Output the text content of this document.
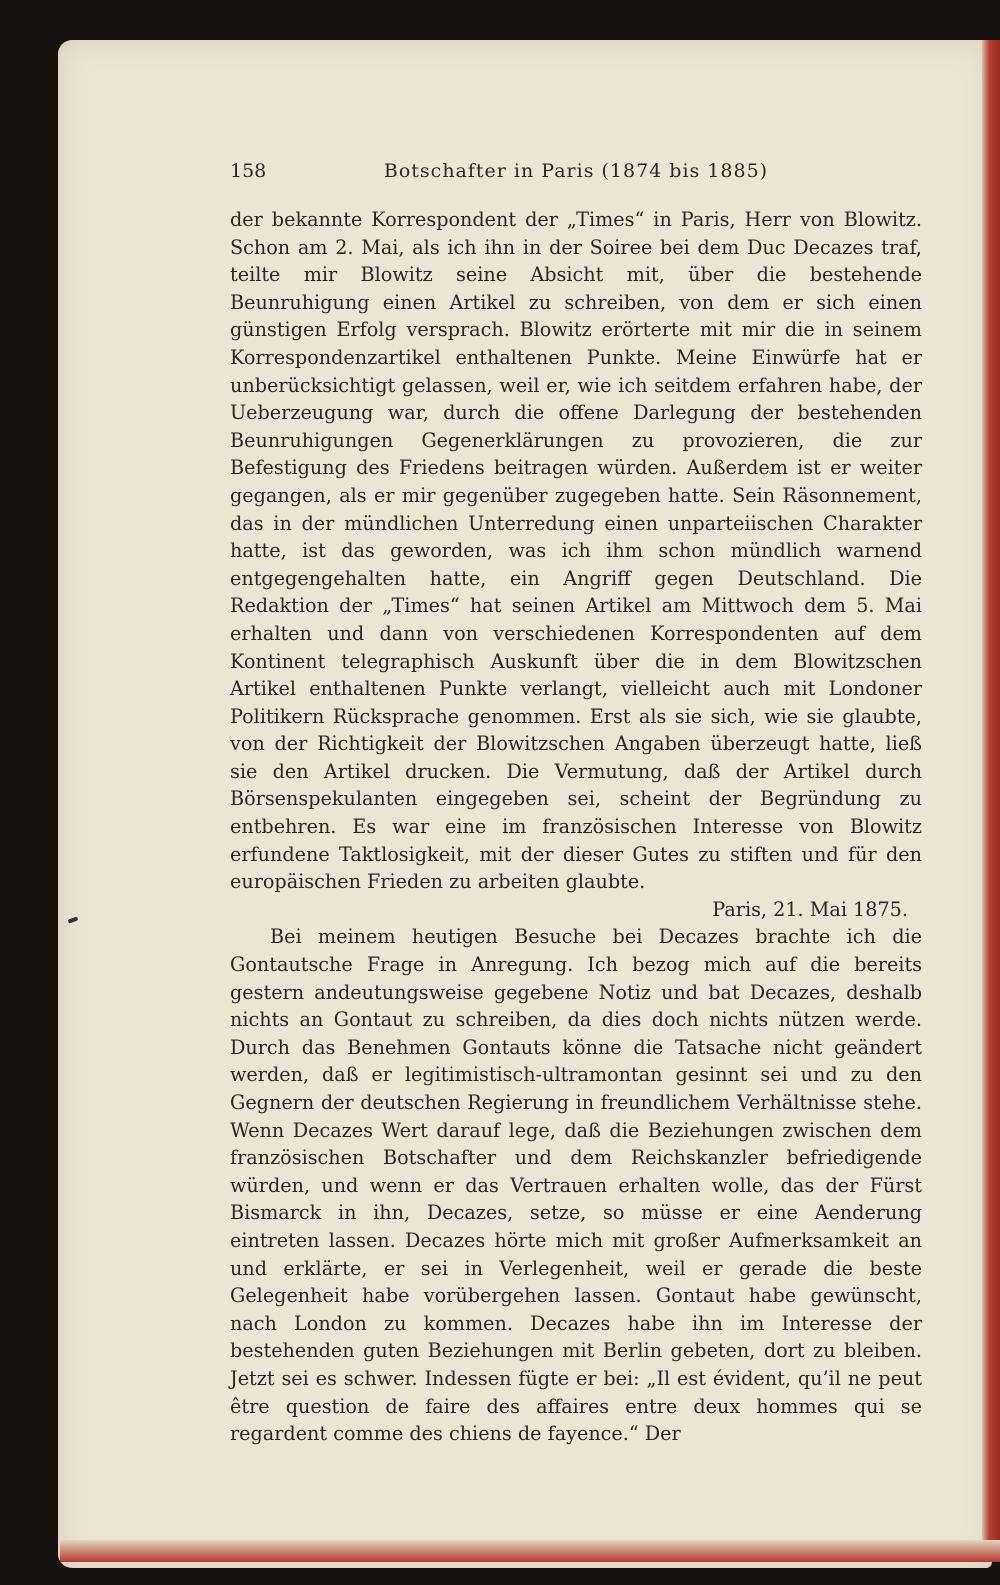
158	Botschafter in Paris (1874 bis 1885)

der bekannte Korrespondent der „Times“ in Paris, Herr von Blowitz. Schon am 2. Mai, als ich ihn in der Soiree bei dem Duc Decazes traf, teilte mir Blowitz seine Absicht mit, über die bestehende Beunruhigung einen Artikel zu schreiben, von dem er sich einen günstigen Erfolg versprach. Blowitz erörterte mit mir die in seinem Korrespondenzartikel enthaltenen Punkte. Meine Einwürfe hat er unberücksichtigt gelassen, weil er, wie ich seitdem erfahren habe, der Ueberzeugung war, durch die offene Darlegung der bestehenden Beunruhigungen Gegenerklärungen zu provozieren, die zur Befestigung des Friedens beitragen würden. Außerdem ist er weiter gegangen, als er mir gegenüber zugegeben hatte. Sein Räsonnement, das in der mündlichen Unterredung einen unparteiischen Charakter hatte, ist das geworden, was ich ihm schon mündlich warnend entgegengehalten hatte, ein Angriff gegen Deutschland. Die Redaktion der „Times“ hat seinen Artikel am Mittwoch dem 5. Mai erhalten und dann von verschiedenen Korrespondenten auf dem Kontinent telegraphisch Auskunft über die in dem Blowitzschen Artikel enthaltenen Punkte verlangt, vielleicht auch mit Londoner Politikern Rücksprache genommen. Erst als sie sich, wie sie glaubte, von der Richtigkeit der Blowitzschen Angaben überzeugt hatte, ließ sie den Artikel drucken. Die Vermutung, daß der Artikel durch Börsenspekulanten eingegeben sei, scheint der Begründung zu entbehren. Es war eine im französischen Interesse von Blowitz erfundene Taktlosigkeit, mit der dieser Gutes zu stiften und für den europäischen Frieden zu arbeiten glaubte.

Paris, 21. Mai 1875.

Bei meinem heutigen Besuche bei Decazes brachte ich die Gontautsche Frage in Anregung. Ich bezog mich auf die bereits gestern andeutungsweise gegebene Notiz und bat Decazes, deshalb nichts an Gontaut zu schreiben, da dies doch nichts nützen werde. Durch das Benehmen Gontauts könne die Tatsache nicht geändert werden, daß er legitimistisch-ultramontan gesinnt sei und zu den Gegnern der deutschen Regierung in freundlichem Verhältnisse stehe. Wenn Decazes Wert darauf lege, daß die Beziehungen zwischen dem französischen Botschafter und dem Reichskanzler befriedigende würden, und wenn er das Vertrauen erhalten wolle, das der Fürst Bismarck in ihn, Decazes, setze, so müsse er eine Aenderung eintreten lassen. Decazes hörte mich mit großer Aufmerksamkeit an und erklärte, er sei in Verlegenheit, weil er gerade die beste Gelegenheit habe vorübergehen lassen. Gontaut habe gewünscht, nach London zu kommen. Decazes habe ihn im Interesse der bestehenden guten Beziehungen mit Berlin gebeten, dort zu bleiben. Jetzt sei es schwer. Indessen fügte er bei: „Il est évident, qu’il ne peut être question de faire des affaires entre deux hommes qui se regardent comme des chiens de fayence.“ Der
